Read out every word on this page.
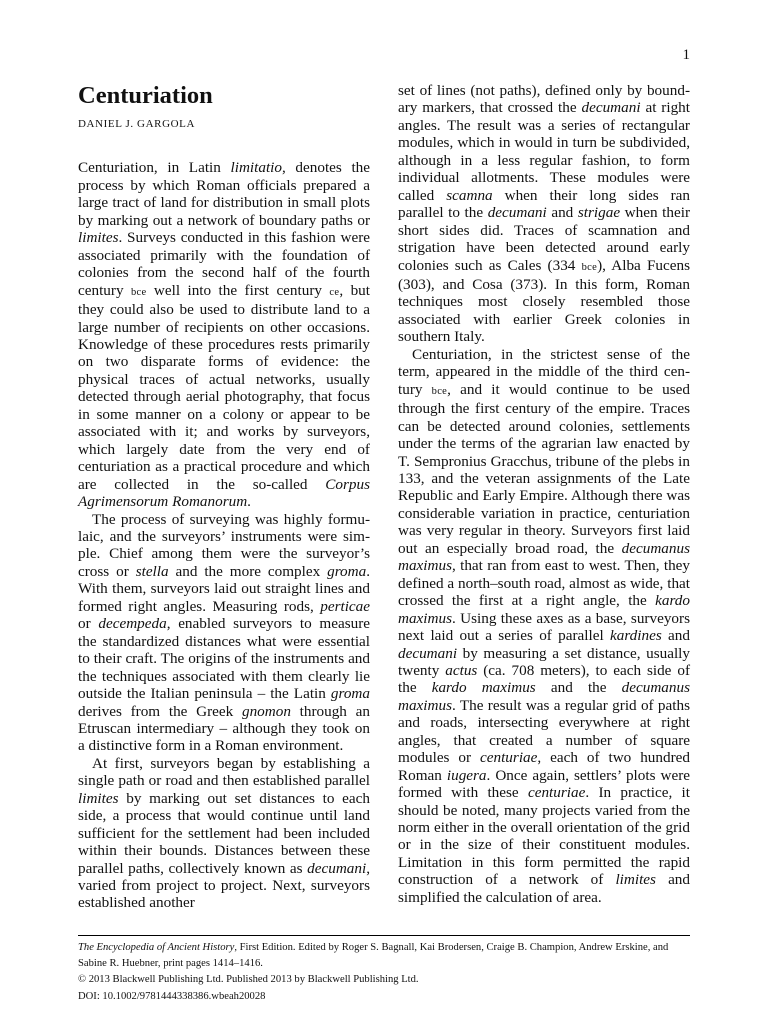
1
Centuriation
DANIEL J. GARGOLA

Centuriation, in Latin limitatio, denotes the process by which Roman officials prepared a large tract of land for distribution in small plots by marking out a network of boundary paths or limites. Surveys conducted in this fashion were associated primarily with the foundation of colonies from the second half of the fourth century bce well into the first century ce, but they could also be used to distribute land to a large number of recipients on other occasions. Knowledge of these procedures rests primarily on two disparate forms of evidence: the physical traces of actual networks, usually detected through aerial photography, that focus in some manner on a colony or appear to be associated with it; and works by surveyors, which largely date from the very end of centuriation as a practical procedure and which are collected in the so-called Corpus Agrimensorum Romanorum.

The process of surveying was highly formulaic, and the surveyors’ instruments were simple. Chief among them were the surveyor’s cross or stella and the more complex groma. With them, surveyors laid out straight lines and formed right angles. Measuring rods, perticae or decempeda, enabled surveyors to measure the standardized distances what were essential to their craft. The origins of the instruments and the techniques associated with them clearly lie outside the Italian peninsula – the Latin groma derives from the Greek gnomon through an Etruscan intermediary – although they took on a distinctive form in a Roman environment.

At first, surveyors began by establishing a single path or road and then established parallel limites by marking out set distances to each side, a process that would continue until land sufficient for the settlement had been included within their bounds. Distances between these parallel paths, collectively known as decumani, varied from project to project. Next, surveyors established another

set of lines (not paths), defined only by boundary markers, that crossed the decumani at right angles. The result was a series of rectangular modules, which in would in turn be subdivided, although in a less regular fashion, to form individual allotments. These modules were called scamna when their long sides ran parallel to the decumani and strigae when their short sides did. Traces of scamnation and strigation have been detected around early colonies such as Cales (334 bce), Alba Fucens (303), and Cosa (373). In this form, Roman techniques most closely resembled those associated with earlier Greek colonies in southern Italy.

Centuriation, in the strictest sense of the term, appeared in the middle of the third century bce, and it would continue to be used through the first century of the empire. Traces can be detected around colonies, settlements under the terms of the agrarian law enacted by T. Sempronius Gracchus, tribune of the plebs in 133, and the veteran assignments of the Late Republic and Early Empire. Although there was considerable variation in practice, centuriation was very regular in theory. Surveyors first laid out an especially broad road, the decumanus maximus, that ran from east to west. Then, they defined a north–south road, almost as wide, that crossed the first at a right angle, the kardo maximus. Using these axes as a base, surveyors next laid out a series of parallel kardines and decumani by measuring a set distance, usually twenty actus (ca. 708 meters), to each side of the kardo maximus and the decumanus maximus. The result was a regular grid of paths and roads, intersecting everywhere at right angles, that created a number of square modules or centuriae, each of two hundred Roman iugera. Once again, settlers’ plots were formed with these centuriae. In practice, it should be noted, many projects varied from the norm either in the overall orientation of the grid or in the size of their constituent modules. Limitation in this form permitted the rapid construction of a network of limites and simplified the calculation of area.

The Encyclopedia of Ancient History, First Edition. Edited by Roger S. Bagnall, Kai Brodersen, Craige B. Champion, Andrew Erskine, and Sabine R. Huebner, print pages 1414–1416.

© 2013 Blackwell Publishing Ltd. Published 2013 by Blackwell Publishing Ltd.

DOI: 10.1002/9781444338386.wbeah20028
